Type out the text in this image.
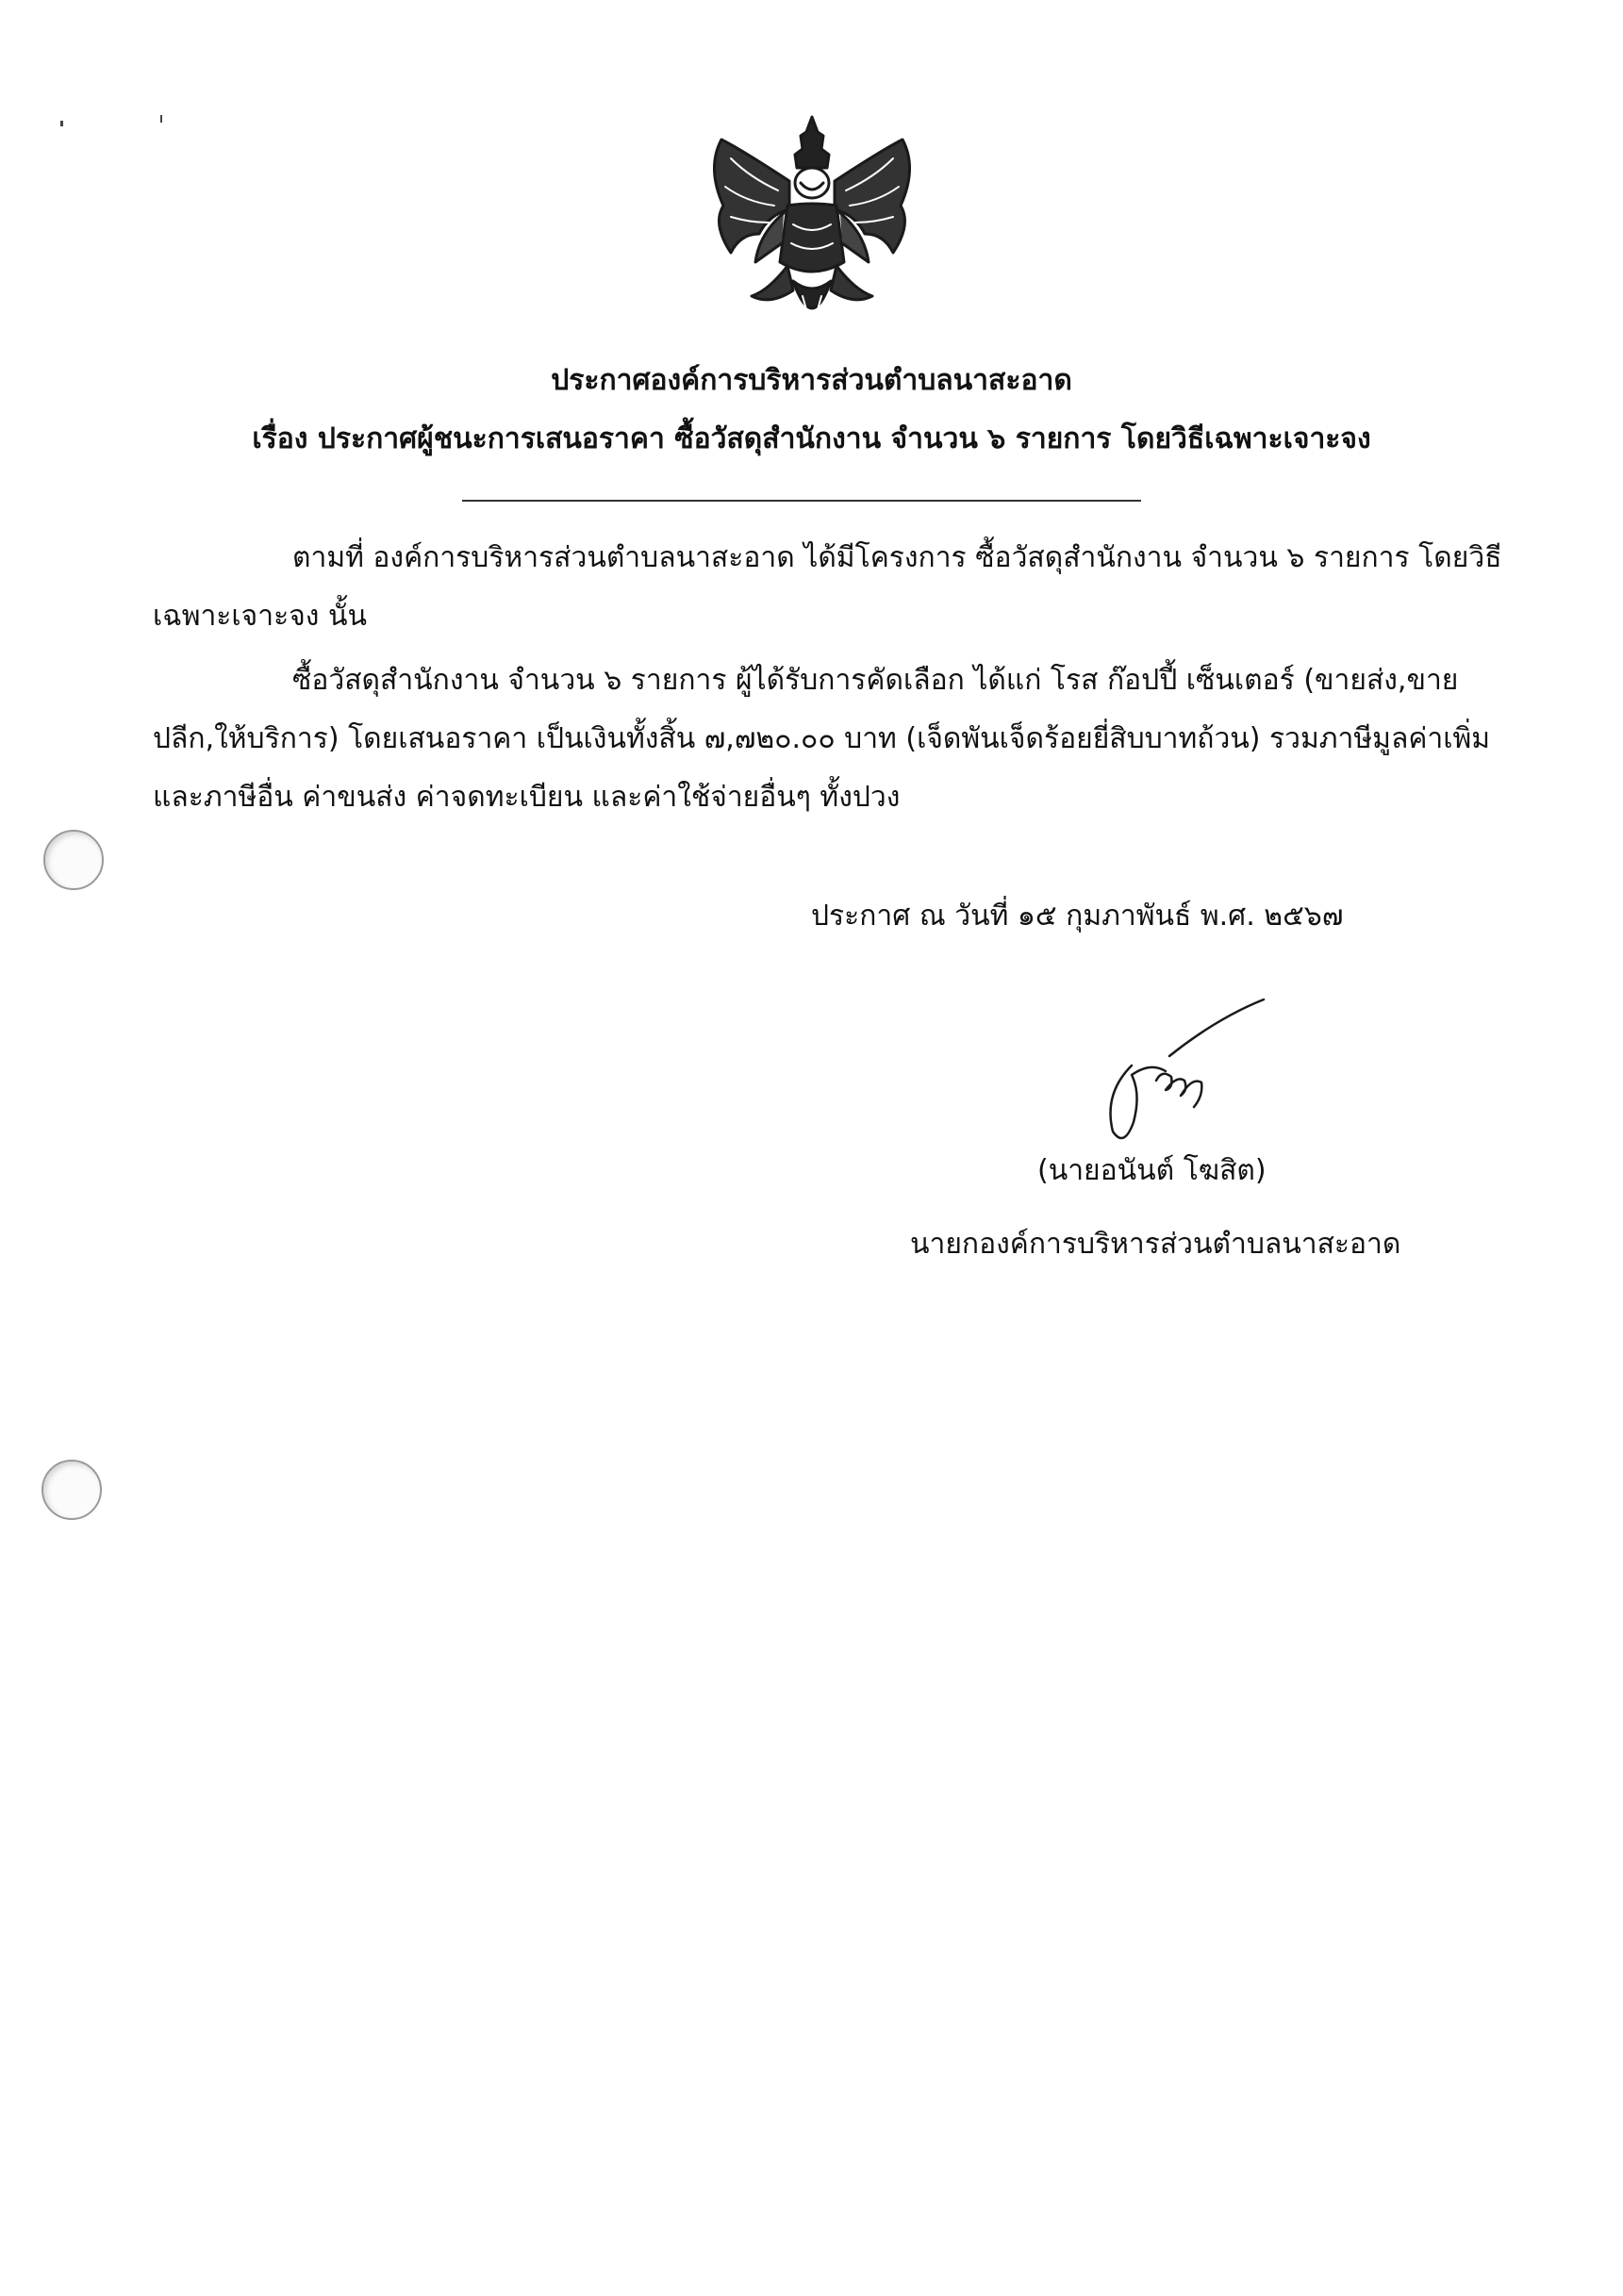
ประกาศองค์การบริหารส่วนตำบลนาสะอาด
เรื่อง ประกาศผู้ชนะการเสนอราคา ซื้อวัสดุสำนักงาน จำนวน ๖ รายการ โดยวิธีเฉพาะเจาะจง
ตามที่ องค์การบริหารส่วนตำบลนาสะอาด ได้มีโครงการ ซื้อวัสดุสำนักงาน จำนวน ๖ รายการ โดยวิธี
เฉพาะเจาะจง นั้น
ซื้อวัสดุสำนักงาน จำนวน ๖ รายการ ผู้ได้รับการคัดเลือก ได้แก่ โรส ก๊อปปี้ เซ็นเตอร์ (ขายส่ง,ขาย
ปลีก,ให้บริการ) โดยเสนอราคา เป็นเงินทั้งสิ้น ๗,๗๒๐.๐๐ บาท (เจ็ดพันเจ็ดร้อยยี่สิบบาทถ้วน) รวมภาษีมูลค่าเพิ่ม
และภาษีอื่น ค่าขนส่ง ค่าจดทะเบียน และค่าใช้จ่ายอื่นๆ ทั้งปวง
ประกาศ ณ วันที่ ๑๕ กุมภาพันธ์ พ.ศ. ๒๕๖๗
(นายอนันต์ โฆสิต)
นายกองค์การบริหารส่วนตำบลนาสะอาด
